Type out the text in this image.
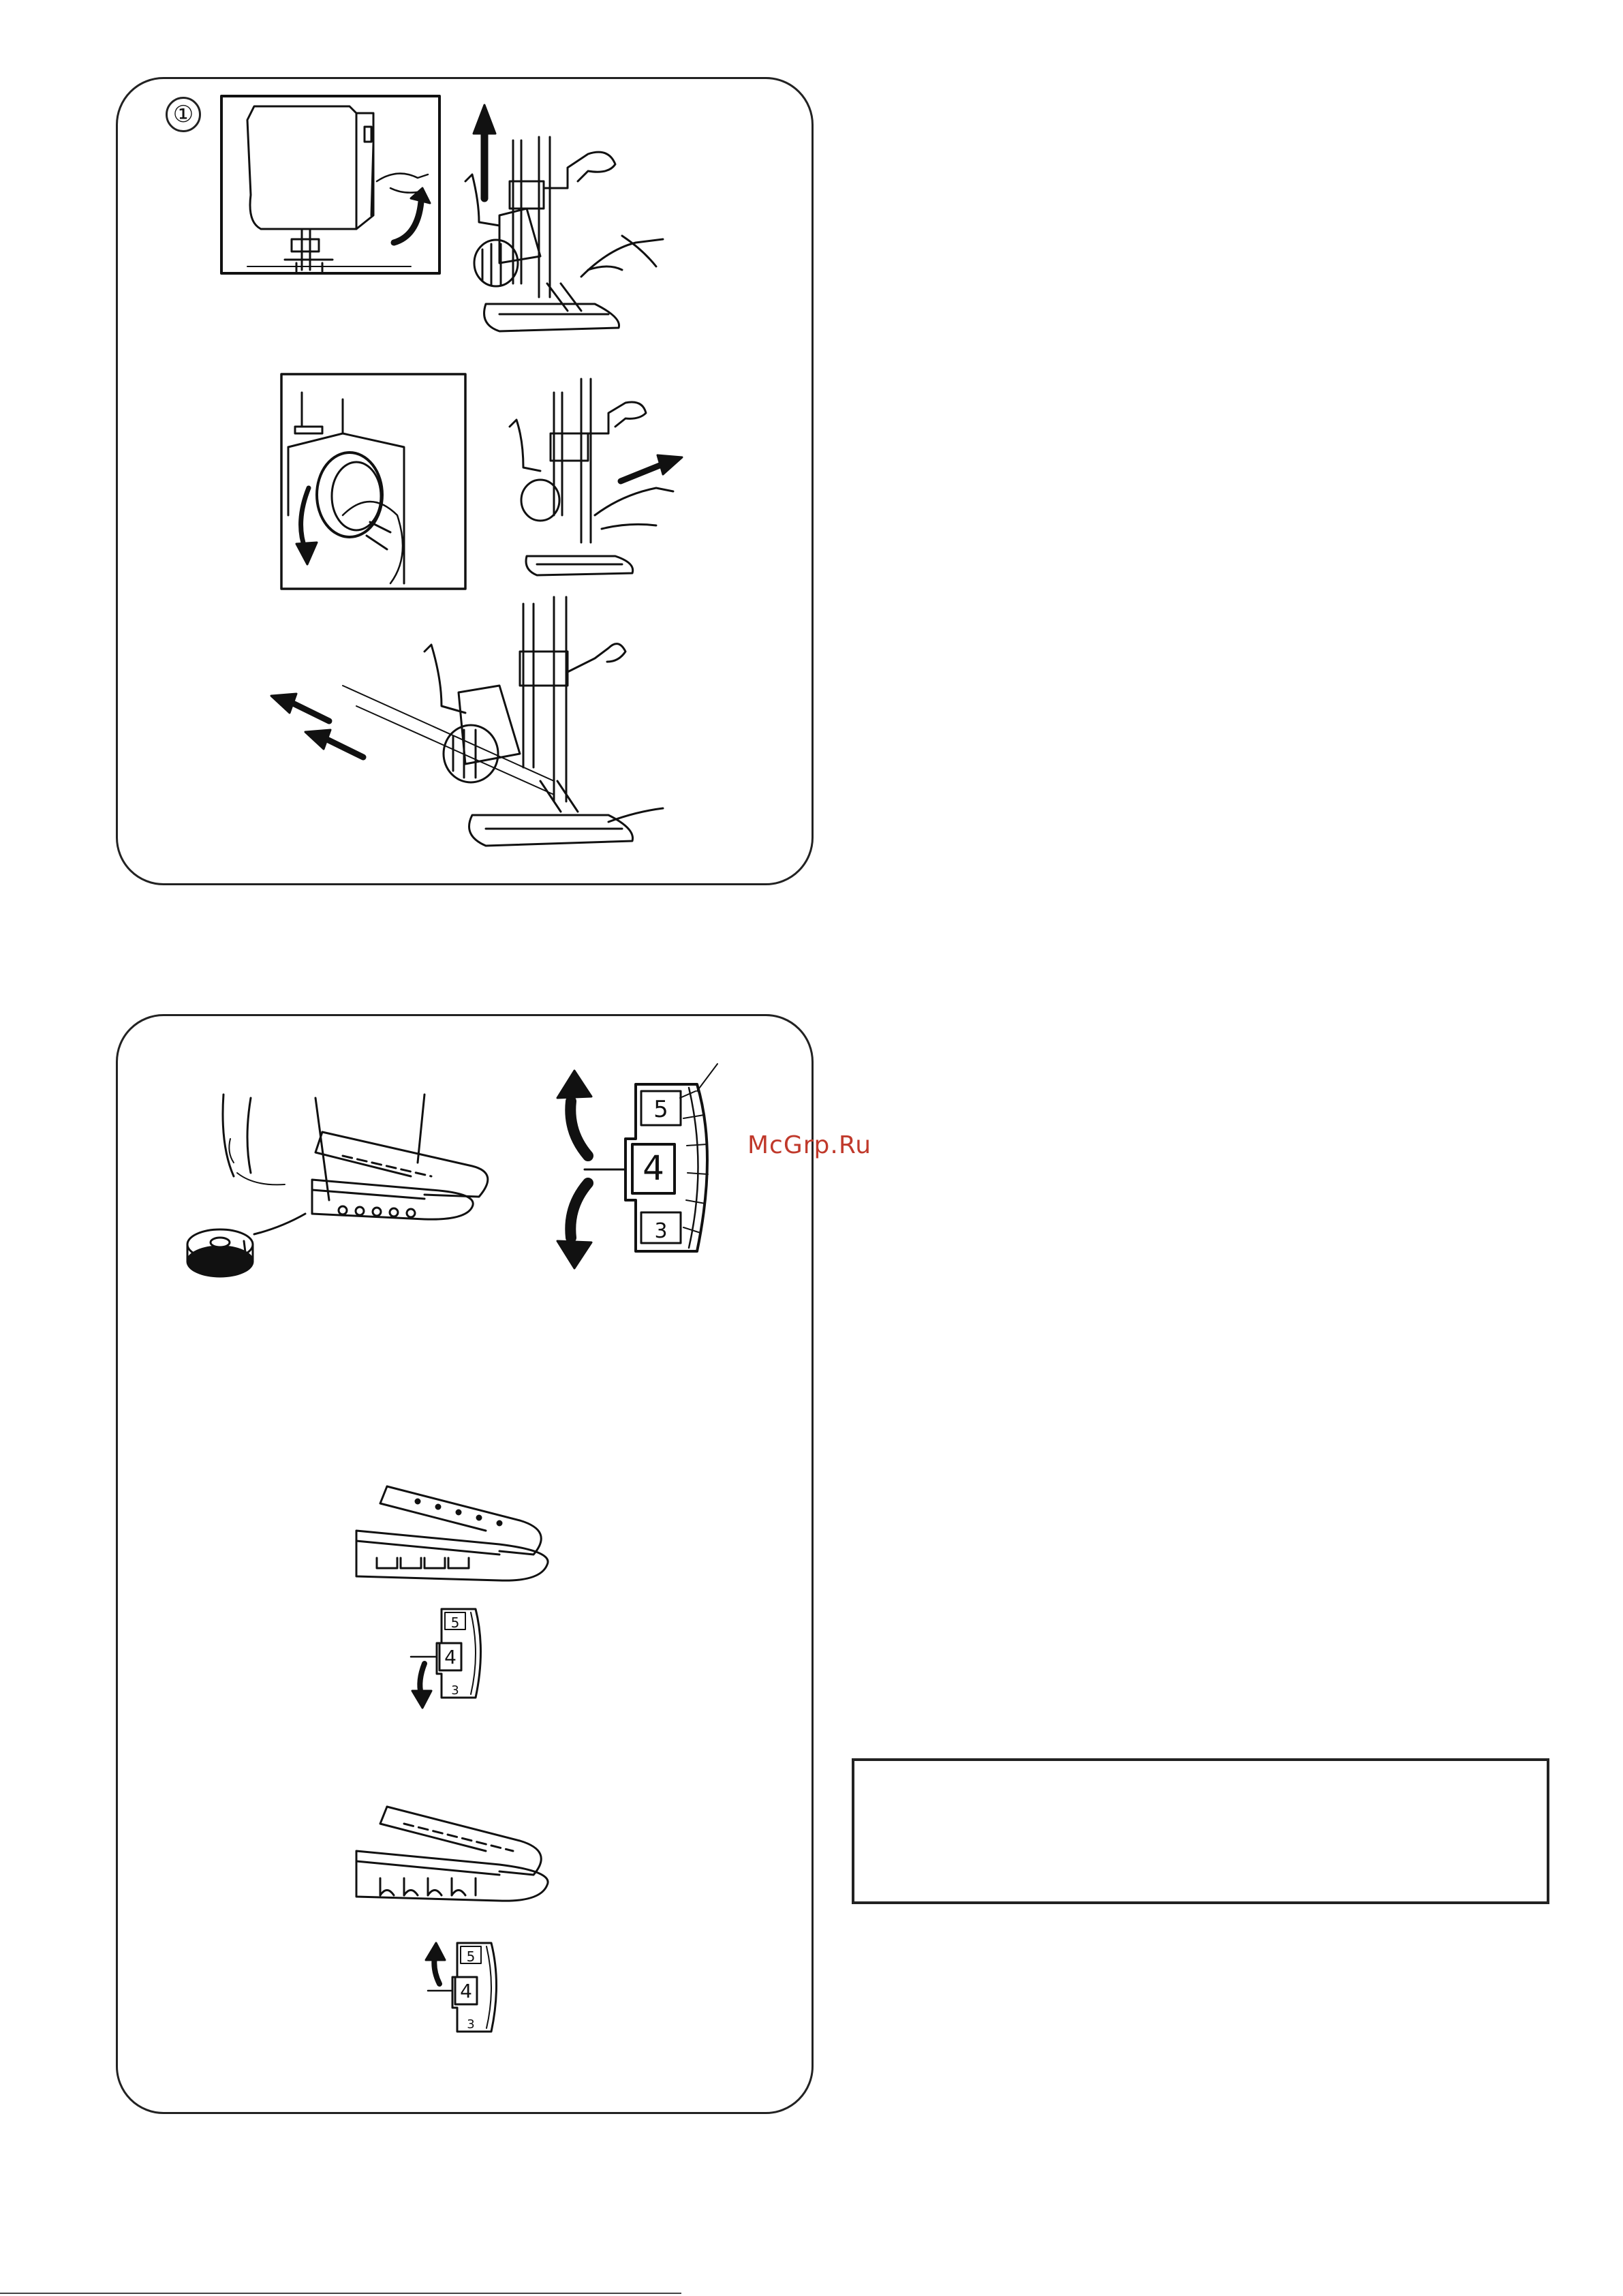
①
5
4
3
5
4
3
5
4
3
McGrp.Ru
